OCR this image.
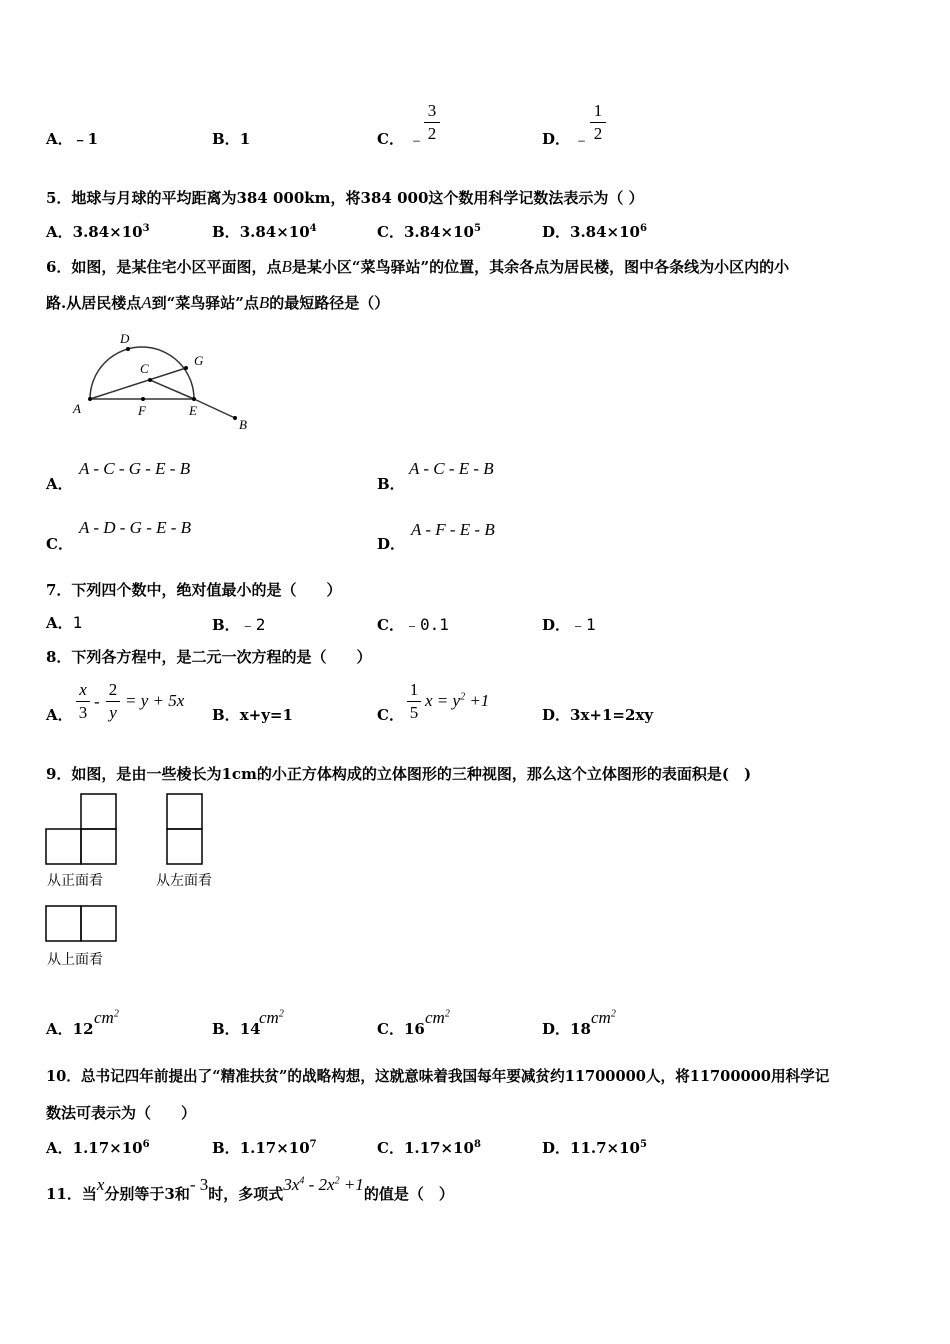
A．﹣1	B．1	C． ﹣
3
2	D． ﹣
1
2
5．地球与月球的平均距离为384 000km，将384 000这个数用科学记数法表示为（ ）
A．$3.84\times 10^3$	B．$3.84\times 10^4$	C．$3.84\times 10^5$	D．$3.84\times 10^6$
6．如图，是某住宅小区平面图，点B是某小区“菜鸟驿站”的位置，其余各点为居民楼，图中各条线为小区内的小
路.从居民楼点A到“菜鸟驿站”点B的最短路径是（）
D
G
C
A	F	E
B
A．
A - C - G - E - B
B．
A - C - E - B
C．
A - D - G - E - B
D．
A - F - E - B
7．下列四个数中，绝对值最小的是（　　）
A．1	B．﹣2	C．﹣0.1	D．﹣1
8．下列各方程中，是二元一次方程的是（　　）
A．
x
3
-
2
y
= y + 5x
B．x+y=1	C．
1
5
$x = y^2 +1$
D．3x+1=2xy
9．如图，是由一些棱长为1cm的小正方体构成的立体图形的三种视图，那么这个立体图形的表面积是(　)
从正面看	从左面看
从上面看
A．12
$cm^2$
B．14
$cm^2$
C．16
$cm^2$
D．18
$cm^2$
10．总书记四年前提出了“精准扶贫”的战略构想，这就意味着我国每年要减贫约11700000人，将11700000用科学记
数法可表示为（　　）
A．$1.17\times 10^6$	B．$1.17\times 10^7$	C．$1.17\times 10^8$	D．$11.7\times 10^5$
11．当x分别等于3和- 3时，多项式$3x^4 - 2x^2 +1$的值是（　）
